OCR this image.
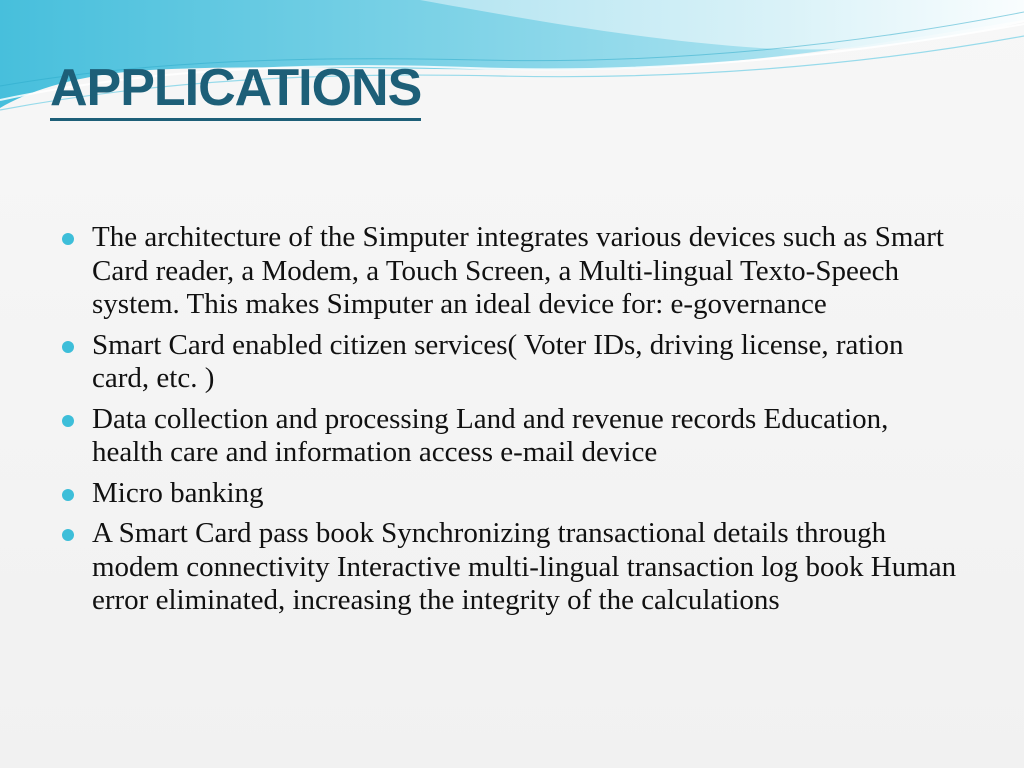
APPLICATIONS
The architecture of the Simputer integrates various devices such as Smart Card reader, a Modem, a Touch Screen, a Multi-lingual Texto-Speech system. This makes Simputer an ideal device for: e-governance
Smart Card enabled citizen services( Voter IDs, driving license, ration card, etc. )
Data collection and processing Land and revenue records Education, health care and information access e-mail device
Micro banking
A Smart Card pass book Synchronizing transactional details through modem connectivity Interactive multi-lingual transaction log book Human error eliminated, increasing the integrity of the calculations
